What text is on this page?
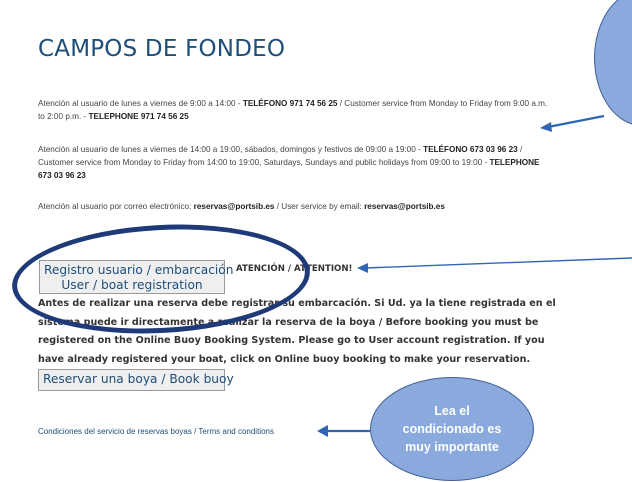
CAMPOS DE FONDEO
Atención al usuario de lunes a viernes de 9:00 a 14:00 - TELÉFONO 971 74 56 25 / Customer service from Monday to Friday from 9:00 a.m. to 2:00 p.m. - TELEPHONE 971 74 56 25
Atención al usuario de lunes a viernes de 14:00 a 19:00, sábados, domingos y festivos de 09:00 a 19:00 - TELÉFONO 673 03 96 23 / Customer service from Monday to Friday from 14:00 to 19:00, Saturdays, Sundays and public holidays from 09:00 to 19:00 - TELEPHONE 673 03 96 23
Atención al usuario por correo electrónico: reservas@portsib.es / User service by email: reservas@portsib.es
Registro usuario / embarcación
User / boat registration
ATENCIÓN / ATTENTION!
Antes de realizar una reserva debe registrar su embarcación. Si Ud. ya la tiene registrada en el sistema puede ir directamente a realizar la reserva de la boya / Before booking you must be registered on the Online Buoy Booking System. Please go to User account registration. If you have already registered your boat, click on Online buoy booking to make your reservation.
Reservar una boya / Book buoy
Condiciones del servicio de reservas boyas / Terms and conditions
Lea el
condicionado es
muy importante
